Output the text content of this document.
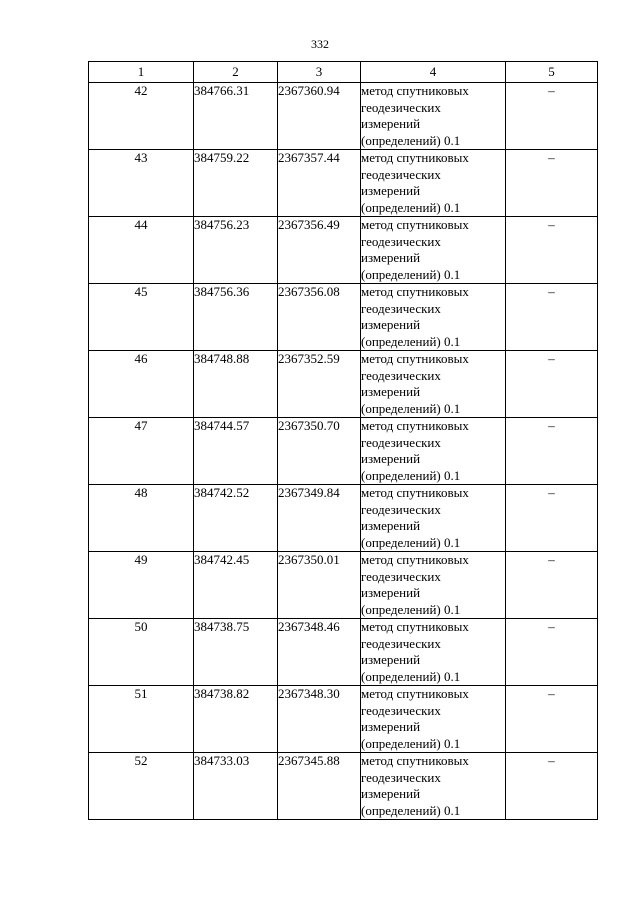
332
1	2	3	4	5
42	384766.31	2367360.94	метод спутниковых
геодезических
измерений
(определений) 0.1	–
43	384759.22	2367357.44	метод спутниковых
геодезических
измерений
(определений) 0.1	–
44	384756.23	2367356.49	метод спутниковых
геодезических
измерений
(определений) 0.1	–
45	384756.36	2367356.08	метод спутниковых
геодезических
измерений
(определений) 0.1	–
46	384748.88	2367352.59	метод спутниковых
геодезических
измерений
(определений) 0.1	–
47	384744.57	2367350.70	метод спутниковых
геодезических
измерений
(определений) 0.1	–
48	384742.52	2367349.84	метод спутниковых
геодезических
измерений
(определений) 0.1	–
49	384742.45	2367350.01	метод спутниковых
геодезических
измерений
(определений) 0.1	–
50	384738.75	2367348.46	метод спутниковых
геодезических
измерений
(определений) 0.1	–
51	384738.82	2367348.30	метод спутниковых
геодезических
измерений
(определений) 0.1	–
52	384733.03	2367345.88	метод спутниковых
геодезических
измерений
(определений) 0.1	–
